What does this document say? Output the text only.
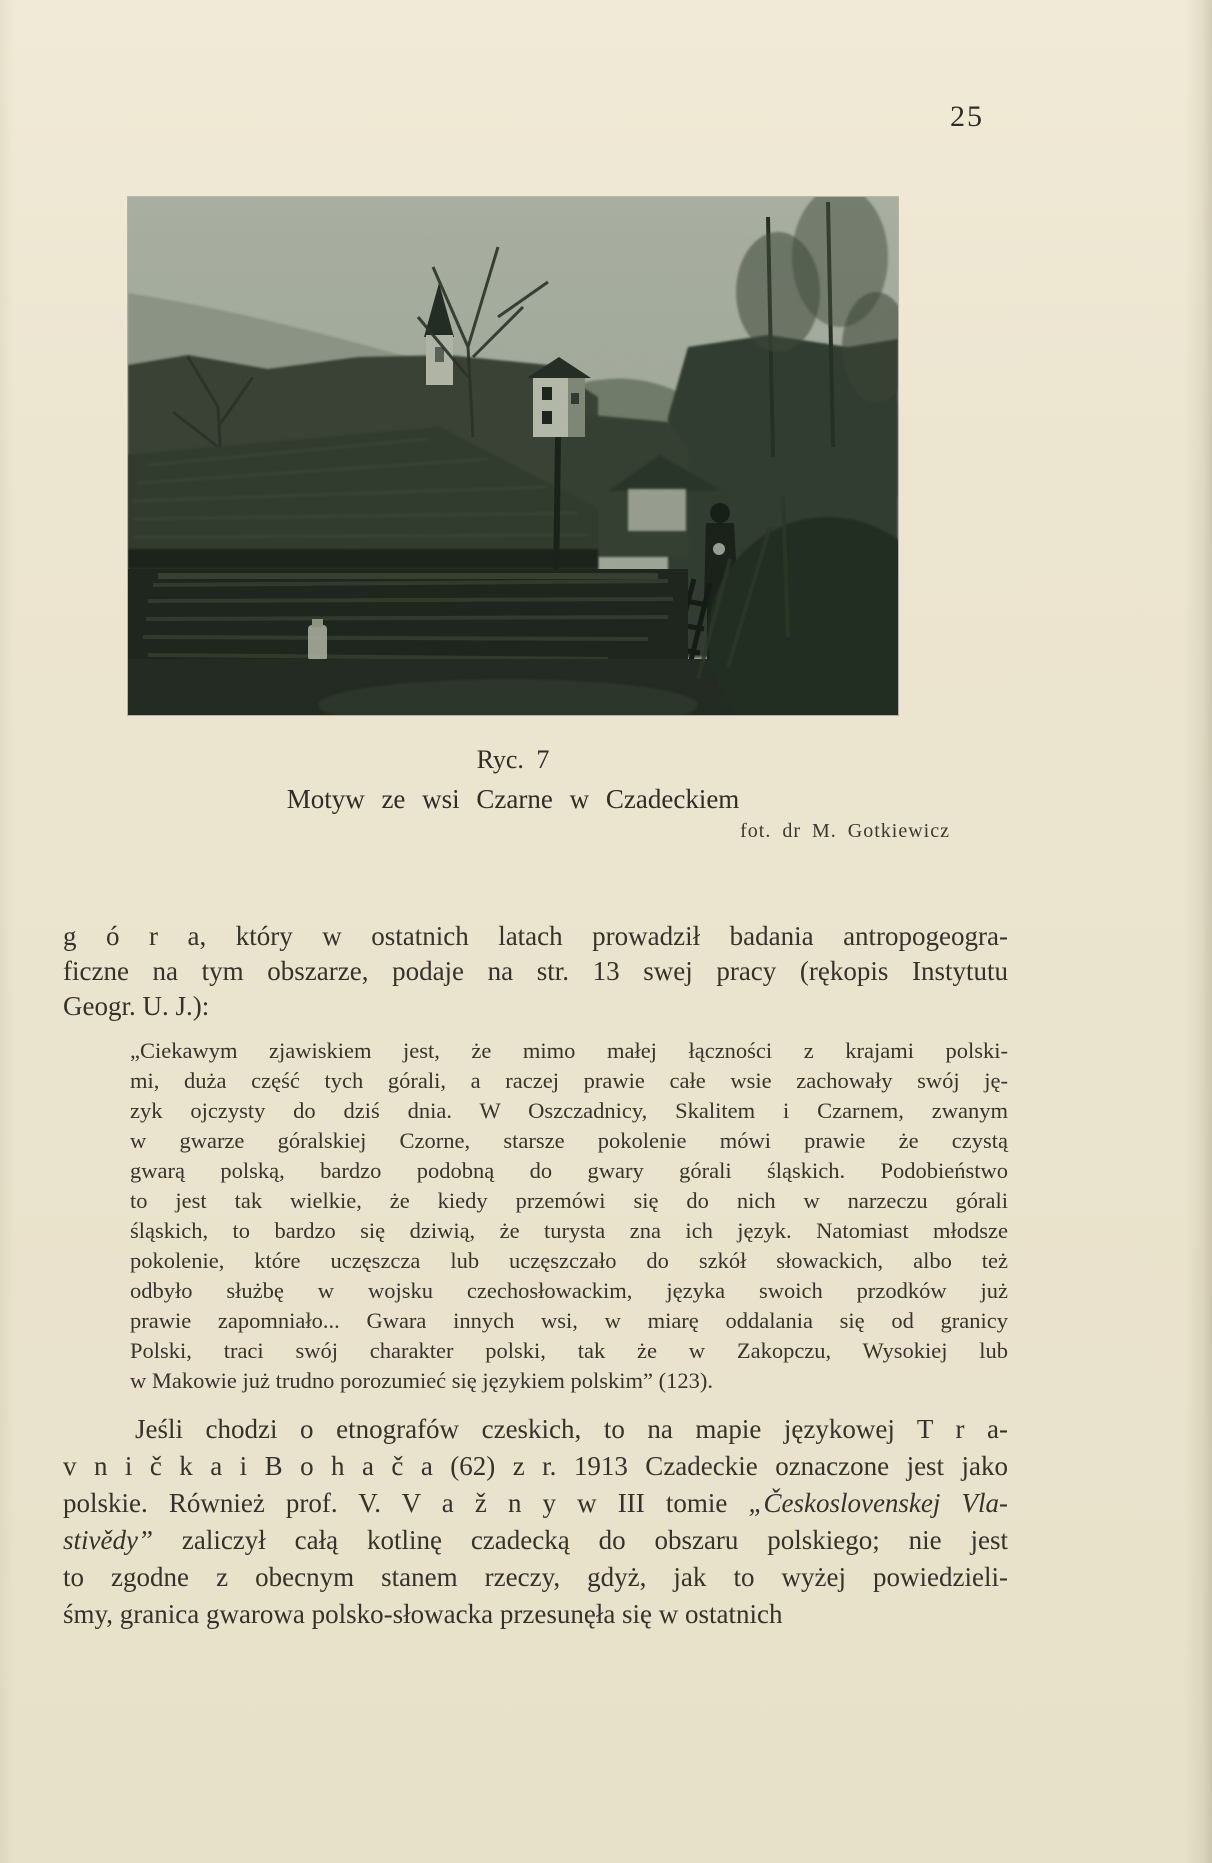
25
Ryc. 7
Motyw ze wsi Czarne w Czadeckiem
fot. dr M. Gotkiewicz
g ó r a, który w ostatnich latach prowadził badania antropogeogra-
ficzne na tym obszarze, podaje na str. 13 swej pracy (rękopis Instytutu
Geogr. U. J.):
„Ciekawym zjawiskiem jest, że mimo małej łączności z krajami polski-
mi, duża część tych górali, a raczej prawie całe wsie zachowały swój ję-
zyk ojczysty do dziś dnia. W Oszczadnicy, Skalitem i Czarnem, zwanym
w gwarze góralskiej Czorne, starsze pokolenie mówi prawie że czystą
gwarą polską, bardzo podobną do gwary górali śląskich. Podobieństwo
to jest tak wielkie, że kiedy przemówi się do nich w narzeczu górali
śląskich, to bardzo się dziwią, że turysta zna ich język. Natomiast młodsze
pokolenie, które uczęszcza lub uczęszczało do szkół słowackich, albo też
odbyło służbę w wojsku czechosłowackim, języka swoich przodków już
prawie zapomniało... Gwara innych wsi, w miarę oddalania się od granicy
Polski, traci swój charakter polski, tak że w Zakopczu, Wysokiej lub
w Makowie już trudno porozumieć się językiem polskim” (123).
Jeśli chodzi o etnografów czeskich, to na mapie językowej T r a-
v n i č k a i B o h a č a (62) z r. 1913 Czadeckie oznaczone jest jako
polskie. Również prof. V. V a ž n y w III tomie „Československej Vla-
stivědy” zaliczył całą kotlinę czadecką do obszaru polskiego; nie jest
to zgodne z obecnym stanem rzeczy, gdyż, jak to wyżej powiedzieli-
śmy, granica gwarowa polsko-słowacka przesunęła się w ostatnich
